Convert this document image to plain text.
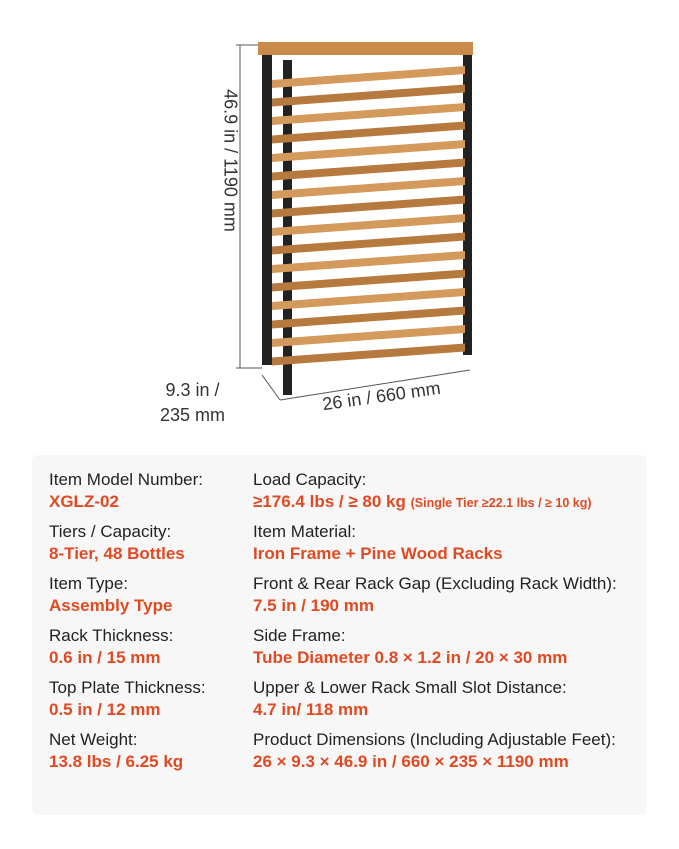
46.9 in / 1190 mm
9.3 in /
235 mm
26 in / 660 mm
Item Model Number:
XGLZ-02
Tiers / Capacity:
8-Tier, 48 Bottles
Item Type:
Assembly Type
Rack Thickness:
0.6 in / 15 mm
Top Plate Thickness:
0.5 in / 12 mm
Net Weight:
13.8 lbs / 6.25 kg
Load Capacity:
≥176.4 lbs / ≥ 80 kg (Single Tier ≥22.1 lbs / ≥ 10 kg)
Item Material:
Iron Frame + Pine Wood Racks
Front & Rear Rack Gap (Excluding Rack Width):
7.5 in / 190 mm
Side Frame:
Tube Diameter 0.8 × 1.2 in / 20 × 30 mm
Upper & Lower Rack Small Slot Distance:
4.7 in/ 118 mm
Product Dimensions (Including Adjustable Feet):
26 × 9.3 × 46.9 in / 660 × 235 × 1190 mm
